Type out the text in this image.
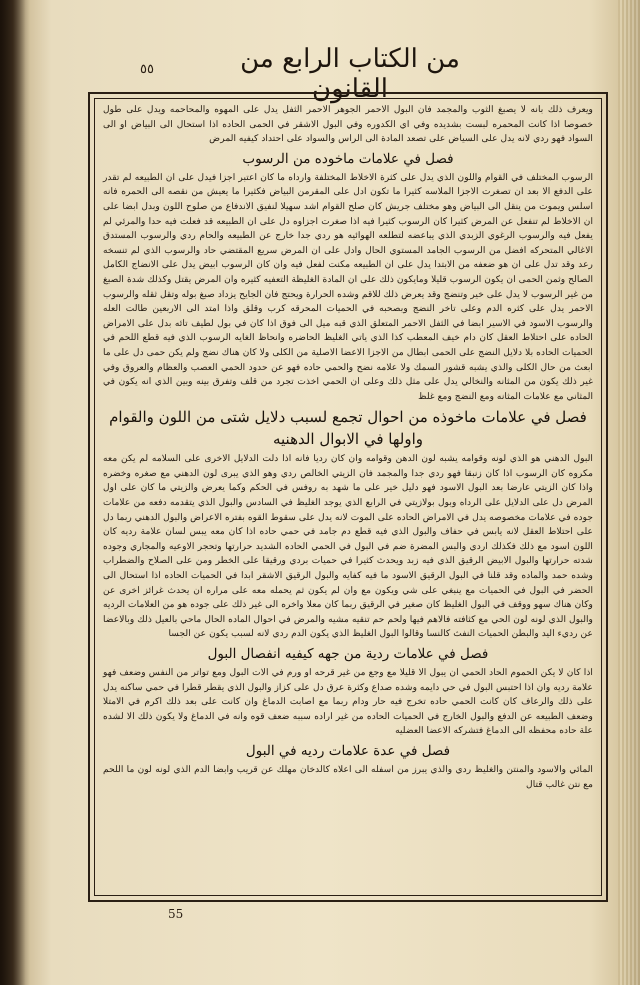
٥٥	من الكتاب الرابع من القانون

ويعرف ذلك بانه لا يصبغ الثوب والمجمد فان البول الاحمر الجوهر الاحمر الثفل يدل على المهوه والمحاحمه ويدل على طول خصوصا اذا كانت المحمره لبست بشديده وفي اي الكدوره وفي البول الاشقر في الحمى الحاده اذا استحال الى البياض او الى السواد فهو ردي لانه يدل على السياض على تصعد المادة الى الراس والسواد على احتداد كيفيه المرض

فصل في علامات ماخوده من الرسوب

الرسوب المختلف في القوام واللون الذي يدل على كثرة الاخلاط المختلفة وارداه ما كان اعتبر اجزا فيدل على ان الطبيعه لم تقدر على الدفع الا بعد ان تصغرت الاجزا الملاسه كثيرا ما تكون ادل على المقرمن البياض فكثيرا ما يعيش من نقصه الى الحمره فانه اسلس ويموت من ينقل الى البياض وهو مختلف جريش كان صلح القوام اشد سهيلا لنفيق الاندفاع من صلوح اللون وبدل ابضا على ان الاخلاط لم تنفعل عن المرض كثيرا كان الرسوب كثيرا فيه اذا صغرت اجزاوه دل على ان الطبيعه قد فعلت فيه حدا والمرئي لم يفعل فيه والرسوب الرغوي الزبدي الذي يباعضه لتطلعه الهوائيه هو ردي جدا خارج عن الطبيعه والحام ردي والرسوب المستدق الاغالي المتحركه افضل من الرسوب الجامد المستوي الحال وادل على ان المرض سريع المقتضي حاد والرسوب الذي لم تنسخه رعد وقد تدل على ان هو ضعفه من الابتدا يدل على ان الطبيعه مكنت لفعل فيه وان كان الرسوب ابيض يدل على الانضاج الكامل الصالح وثمن الحمى ان يكون الرسوب قليلا ومايكون ذلك على ان المادة الغليظة التعفيه كثيره وان المرض يقتل وكذلك شدة الصبغ من غير الرسوب لا يدل على خير وتنضج وقد يعرض ذلك للاقم وشده الحرارة ويحتج فان الجايح يزداد صبغ بوله وتقل ثقله والرسوب الاحمر يدل على كثره الدم وعلى تاخر النضج وبصحبه في الحميات المحرقه كرب وقلق واذا امتد الى الاربعين طالت العله والرسوب الاسود في الاسير ابضا في الثفل الاحمر المتعلق الذي قبه ميل الى فوق اذا كان في بول لطيف تائه بدل على الامراض الحاده على احتلاط العقل كان دام خيف المعطب كذا الذي ياتي الغليظ الحاضره وانحاظ الغايه الرسوب الذي فيه قطع اللحم في الحميات الحاده بلا دلايل النضج على الحمى ابطال من الاجزا الاعضا الاصلية من الكلى ولا كان هناك نضج ولم يكن حمى دل على ما ابعث من حال الكلى والذي يشبه قشور السمك ولا علامه نضح والحمي حاده فهو عن حدود الحمي العصب والعظام والعروق وفي غير ذلك يكون من المثانه والنخالي يدل على مثل ذلك وعلى ان الحمي اخذت تجرد من قلف وتفرق بينه وبين الذي انه يكون في المثاني مع علامات المثانه ومع النضج ومع غلظ

فصل في علامات ماخوذه من احوال تجمع لسبب دلايل شتى من اللون والقوام واولها في الابوال الدهنيه

البول الدهني هو الذي لونه وقوامه يشبه لون الدهن وقوامه وان كان رديا فانه اذا دلت الدلايل الاخرى على السلامه لم يكن معه مكروه كان الرسوب اذا كان زنبقا فهو ردي جدا والمجمد فان الزيتي الخالص ردي وهو الذي يبرى لون الدهني مع صغره وخضره واذا كان الزيتي عارضا بعد البول الاسود فهو دليل خير على ما شهد به روفس في الحكم وكما يعرض والزيتي ما كان على اول المرض دل على الدلايل على الرداه وبول بولازيتي في الرابع الذي يوجد الغليظ في السادس والبول الذي يتقدمه دفعه من علامات جوده في علامات مخصوصه يدل في الامراض الحاده على الموت لانه يدل على سقوط القوه بفتره الاعراض والبول الدهني ربما دل على احتلاط العقل لانه يابس في حفاف والبول الذي فيه قطع دم جامد في حمي حاده اذا كان معه يبس لسان علامة رديه كان اللون اسود مع ذلك فكذلك اردي والبس المضرة ضم في البول في الحمي الحاده الشديد حرارتها وتحجر الاوعيه والمجاري وجوده شدته حرارتها والبول الابيض الرقيق الذي فيه زبد ويحدث كثيرا في حميات بردي ورقيقا على الخطر ومن على الصلاح والضطراب وشده حمد والماده وقد قلنا في البول الرقيق الاسود ما فيه كفايه والبول الرقيق الاشقر ابدا في الحميات الحاده اذا استحال الى الحضر في البول في الحميات مع ينبغي على شي ويكون مع وان لم يكون ثم يحمله معه على مراره ان يحدث غرائز اخرى عن وكان هناك سهو ووقف في البول الغليظ كان صغير في الرقيق ربما كان معلا واخره الى غير ذلك على جوده هو من العلامات الرديه والبول الذي لونه لون الحي مع كثافته فالاهم فيها ولحم حم تنقيه مشيه والمرض في احوال الماده الحال ماحي بالعيل ذلك وبالاعضا عن رديء اليد والبطن الحميات النفث كالنسا وقالوا البول الغليظ الذي يكون الدم ردي لانه لسبب يكون عن الجسا

فصل في علامات ردية من جهه كيفيه انفصال البول

اذا كان لا يكن الحموم الحاد الحمي ان يبول الا قليلا مع وجع من غير قرحه او ورم في الات البول ومع تواتر من النفس وضعف فهو علامة رديه وان اذا احتبس البول في حي دايمه وشده صداع وكثرة عرق دل على كزاز والبول الذي يقطر قطرا في حمي ساكنه يدل على ذلك والرعاف كان كانت الحمي حاده تخرج فيه حار ودام ربما مع اصابت الدماغ وان كانت على بعد ذلك اكرم في الامتلا وضعف الطبيعه عن الدفع والبول الخارج في الحميات الحاده من غير اراده سببه ضعف قوه وانه في الدماغ ولا يكون ذلك الا لشده علة حاده محفظه الى الدماغ فتشركه الاعضا العضليه

فصل في عدة علامات رديه في البول

المائي والاسود والمنتن والغليظ ردي والذي يبرز من اسفله الى اعلاه كالدخان مهلك عن قريب وابضا الدم الذي لونه لون ما اللحم مع نتن غالب قتال

55
